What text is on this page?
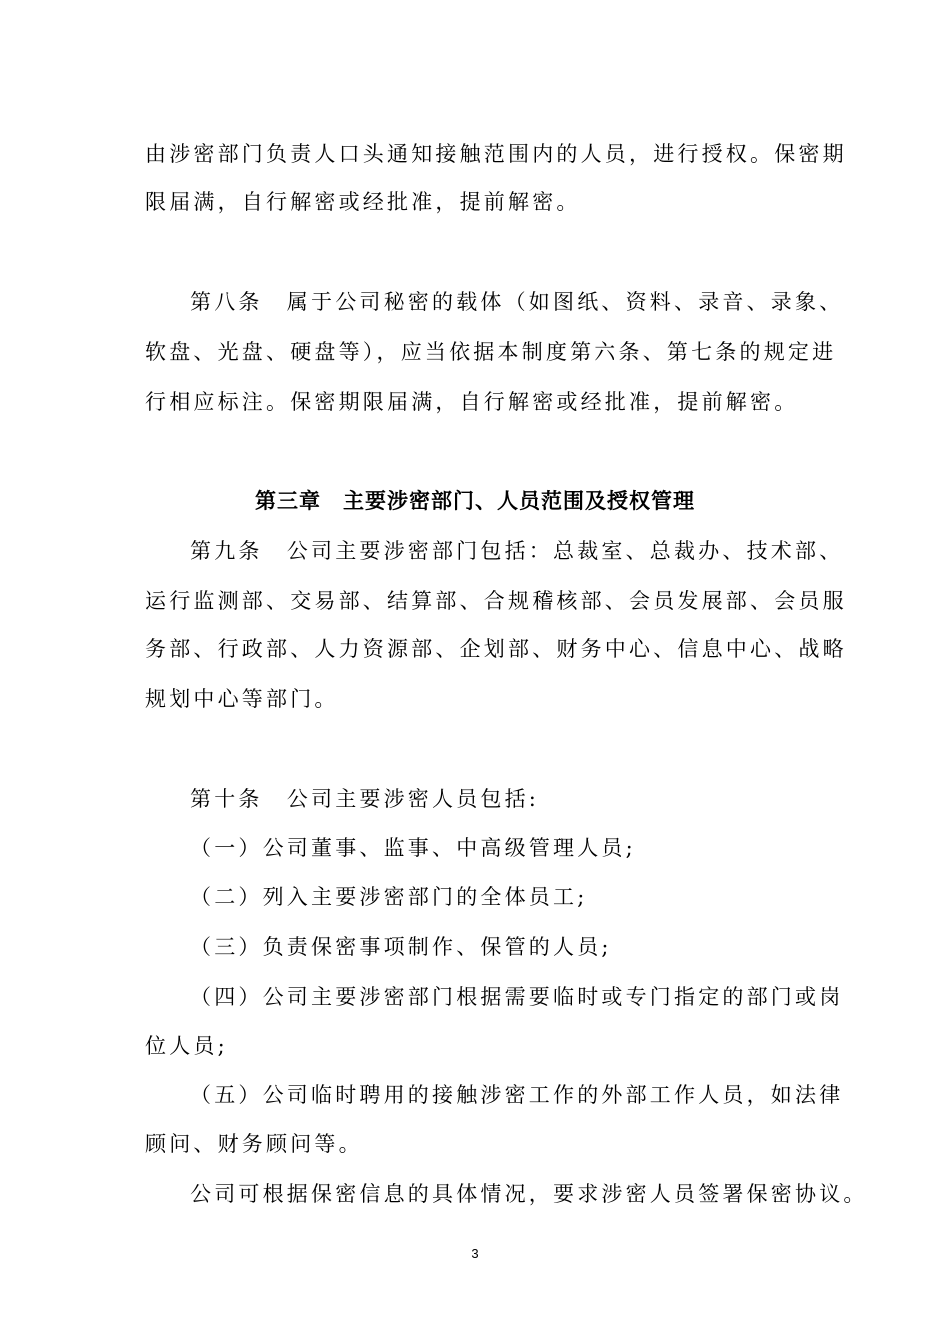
由涉密部门负责人口头通知接触范围内的人员，进行授权。保密期
限届满，自行解密或经批准，提前解密。
第八条　属于公司秘密的载体（如图纸、资料、录音、录象、
软盘、光盘、硬盘等），应当依据本制度第六条、第七条的规定进
行相应标注。保密期限届满，自行解密或经批准，提前解密。
第三章　主要涉密部门、人员范围及授权管理
第九条　公司主要涉密部门包括：总裁室、总裁办、技术部、
运行监测部、交易部、结算部、合规稽核部、会员发展部、会员服
务部、行政部、人力资源部、企划部、财务中心、信息中心、战略
规划中心等部门。
第十条　公司主要涉密人员包括:
（一）公司董事、监事、中高级管理人员;
（二）列入主要涉密部门的全体员工;
（三）负责保密事项制作、保管的人员;
（四）公司主要涉密部门根据需要临时或专门指定的部门或岗
位人员;
（五）公司临时聘用的接触涉密工作的外部工作人员，如法律
顾问、财务顾问等。
公司可根据保密信息的具体情况，要求涉密人员签署保密协议。
3
